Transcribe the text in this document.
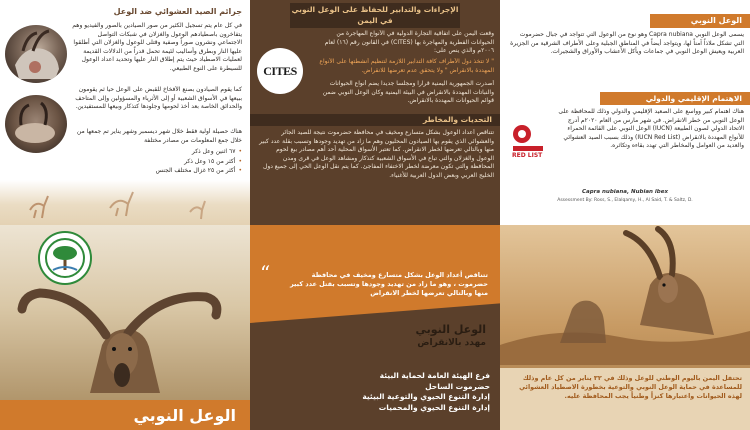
جرائم الصيد العشوائي ضد الوعل
في كل عام يتم تسجيل الكثير من صور الصيادين بالصور والفيديو وهم يتفاخرون باصطيادهم الوعول والغزلان في شبكات التواصل الاجتماعي ونشرون صوراً وصفية وقتلى للوعول والغزلان التي أطلقوا عليها النار وبطرق وأساليب لئيمة تحمل قدراً من الدلالات القديمة لعمليات الاصطياد حيث يتم إطلاق النار عليها وتحديد اعداد الوعول للسيطرة على النوع الطبيعي.
كما يقوم الصيادون بصنع الأفخاخ للقبض على الوعل حياً ثم يقومون ببيعها في الأسواق الشعبية أو إلى الأثرياء والمسؤولين وإلى المتاحف والحدائق الخاصة بعد أخذ لحومها وجلودها كتذكار وبيعها للمستفيدين.
هناك حصيلة أولية فقط خلال شهر ديسمبر وشهر يناير تم جمعها من خلال جمع المعلومات من مصادر مختلفة
• ٦٧ اثنين وعل ذكر
• أكثر من ١٥ وعل ذكر
• أكثر من ٢٥ غزال مختلف الجنس
الإجراءات والتدابير للحفاظ على الوعل النوبي في اليمن
وقعت اليمن على اتفاقية التجارة الدولية في الأنواع المهاجرة من الحيوانات الفطرية والمهاجرة بها (CITES) في القانون رقم (١٦) لعام ٢٠٠٦م والذي ينص على:
" لا تتخذ دول الأطراف كافة التدابير اللازمة لتنظيم أنشطتها على الأنواع المهددة بالانقراض " ولا يتحقق عدم تعرضها للانقراض.
CITES
أصدرت الجمهورية اليمنية قرارا ومجلسا جديدا يضم أنواع الحيوانات والنباتات المهددة بالانقراض في البيئة اليمنية وكان الوعل النوبي ضمن قوائم الحيوانات المهددة بالانقراض.
التحديات والمخاطر
تتناقص أعداد الوعول بشكل متسارع ومخيف في محافظة حضرموت نتيجة للصيد الجائر والعشوائي الذي يقوم بها الصيادون المحليون وهم ما زاد من تهديد وجودها وتسبب بقلة عدد كبير منها وبالتالي تعرضها لخطر الانقراض. كما تعتبر الأسواق المحلية أحد أهم مصادر بيع لحوم الوعول والغزلان والتي تباع في الأسواق الشعبية كتذكار ومشاهد الوعل في قرى ومدن المحافظة والتي تكون معرضة لخطر الاختفاء المفاجئ. كما يتم نقل الوعل الحي إلى جميع دول الخليج العربي وبعض الدول العربية للأغنياء.
الوعل النوبي
يسمى الوعل النوبي Capra nubiana وهو نوع من الوعول التي تتواجد في جبال حضرموت التي تشكل ملاذاً آمناً لها، ويتواجد أيضاً في المناطق الجبلية وعلى الأطراف الشرقية من الجزيرة العربية ويعيش الوعل النوبي في جماعات ويأكل الأعشاب والأوراق والشجيرات.
الاهتمام الإقليمي والدولي
RED LIST
هناك اهتمام كبير وواسع على الصعيد الإقليمي والدولي وذلك للمحافظة على الوعل النوبي من خطر الانقراض. في شهر مارس من العام ٢٠٢٠م أدرج الاتحاد الدولي لصون الطبيعة (IUCN) الوعل النوبي على القائمة الحمراء للأنواع المهددة بالانقراض (IUCN Red List) وذلك بسبب الصيد العشوائي والعديد من العوامل والمخاطر التي تهدد بقاءه وتكاثره.
Capra nubiana, Nubian ibex
Assessment By: Ross, S., Elalqamy, H., Al Said, T. & Saltz, D.
الوعل النوبي
“	تتناقص أعداد الوعل بشكل متسارع ومخيف في محافظة حضرموت ، وهو ما زاد من تهديد وجودها وتسبب بقتل عدد كبير منها وبالتالي تعرضها لخطر الانقراض
الوعل النوبي
مهدد بالانقراض
فرع الهيئة العامة لحماية البيئة
حضرموت الساحل
إدارة التنوع الحيوي والتوعية البيئية
إدارة التنوع الحيوي والمحميات
تحتفل اليمن باليوم الوطني للوعل وذلك في ٣٢ يناير من كل عام وذلك للمساعدة في حماية الوعل النوبي والتوعية بخطورة الاصطياد العشوائي لهذه الحيوانات واعتبارها كنزاً وطنياً يجب المحافظة عليه.
